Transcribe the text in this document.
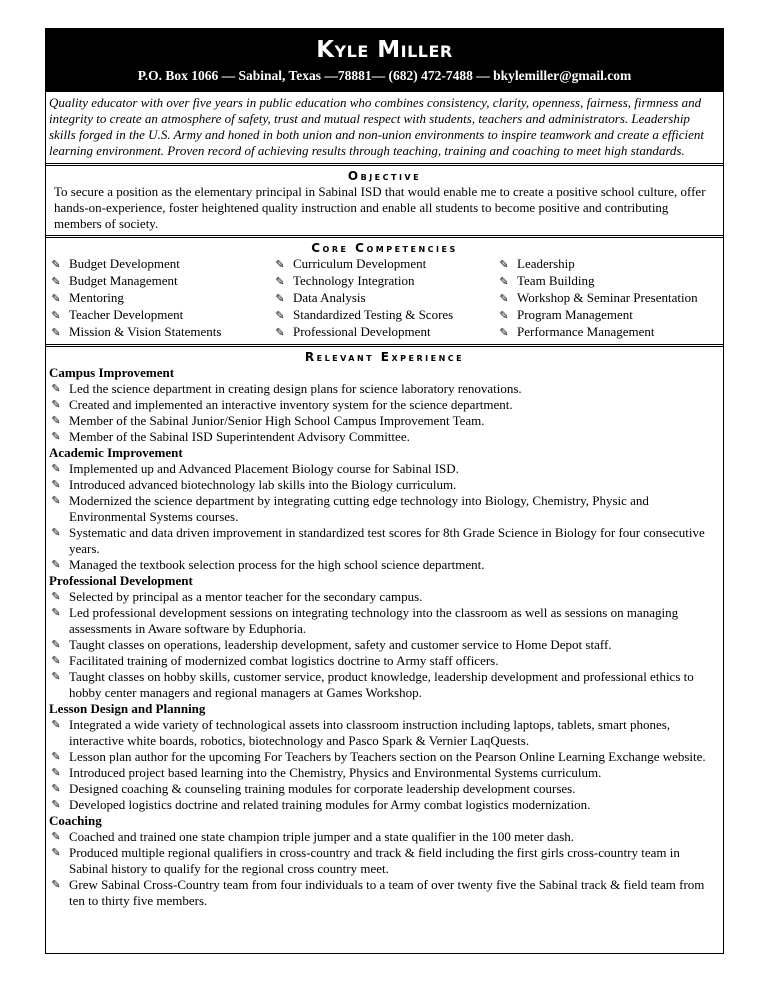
Kyle Miller
P.O. Box 1066 — Sabinal, Texas —78881— (682) 472-7488 — bkylemiller@gmail.com
Quality educator with over five years in public education who combines consistency, clarity, openness, fairness, firmness and integrity to create an atmosphere of safety, trust and mutual respect with students, teachers and administrators. Leadership skills forged in the U.S. Army and honed in both union and non-union environments to inspire teamwork and create a efficient learning environment. Proven record of achieving results through teaching, training and coaching to meet high standards.
Objective
To secure a position as the elementary principal in Sabinal ISD that would enable me to create a positive school culture, offer hands-on-experience, foster heightened quality instruction and enable all students to become positive and contributing members of society.
Core Competencies
✎ Budget Development
✎ Budget Management
✎ Mentoring
✎ Teacher Development
✎ Mission & Vision Statements
✎ Curriculum Development
✎ Technology Integration
✎ Data Analysis
✎ Standardized Testing & Scores
✎ Professional Development
✎ Leadership
✎ Team Building
✎ Workshop & Seminar Presentation
✎ Program Management
✎ Performance Management
Relevant Experience
Campus Improvement
✎ Led the science department in creating design plans for science laboratory renovations.
✎ Created and implemented an interactive inventory system for the science department.
✎ Member of the Sabinal Junior/Senior High School Campus Improvement Team.
✎ Member of the Sabinal ISD Superintendent Advisory Committee.
Academic Improvement
✎ Implemented up and Advanced Placement Biology course for Sabinal ISD.
✎ Introduced advanced biotechnology lab skills into the Biology curriculum.
✎ Modernized the science department by integrating cutting edge technology into Biology, Chemistry, Physic and Environmental Systems courses.
✎ Systematic and data driven improvement in standardized test scores for 8th Grade Science in Biology for four consecutive years.
✎ Managed the textbook selection process for the high school science department.
Professional Development
✎ Selected by principal as a mentor teacher for the secondary campus.
✎ Led professional development sessions on integrating technology into the classroom as well as sessions on managing assessments in Aware software by Eduphoria.
✎ Taught classes on operations, leadership development, safety and customer service to Home Depot staff.
✎ Facilitated training of modernized combat logistics doctrine to Army staff officers.
✎ Taught classes on hobby skills, customer service, product knowledge, leadership development and professional ethics to hobby center managers and regional managers at Games Workshop.
Lesson Design and Planning
✎ Integrated a wide variety of technological assets into classroom instruction including laptops, tablets, smart phones, interactive white boards, robotics, biotechnology and Pasco Spark & Vernier LaqQuests.
✎ Lesson plan author for the upcoming For Teachers by Teachers section on the Pearson Online Learning Exchange website.
✎ Introduced project based learning into the Chemistry, Physics and Environmental Systems curriculum.
✎ Designed coaching & counseling training modules for corporate leadership development courses.
✎ Developed logistics doctrine and related training modules for Army combat logistics modernization.
Coaching
✎ Coached and trained one state champion triple jumper and a state qualifier in the 100 meter dash.
✎ Produced multiple regional qualifiers in cross-country and track & field including the first girls cross-country team in Sabinal history to qualify for the regional cross country meet.
✎ Grew Sabinal Cross-Country team from four individuals to a team of over twenty five the Sabinal track & field team from ten to thirty five members.
